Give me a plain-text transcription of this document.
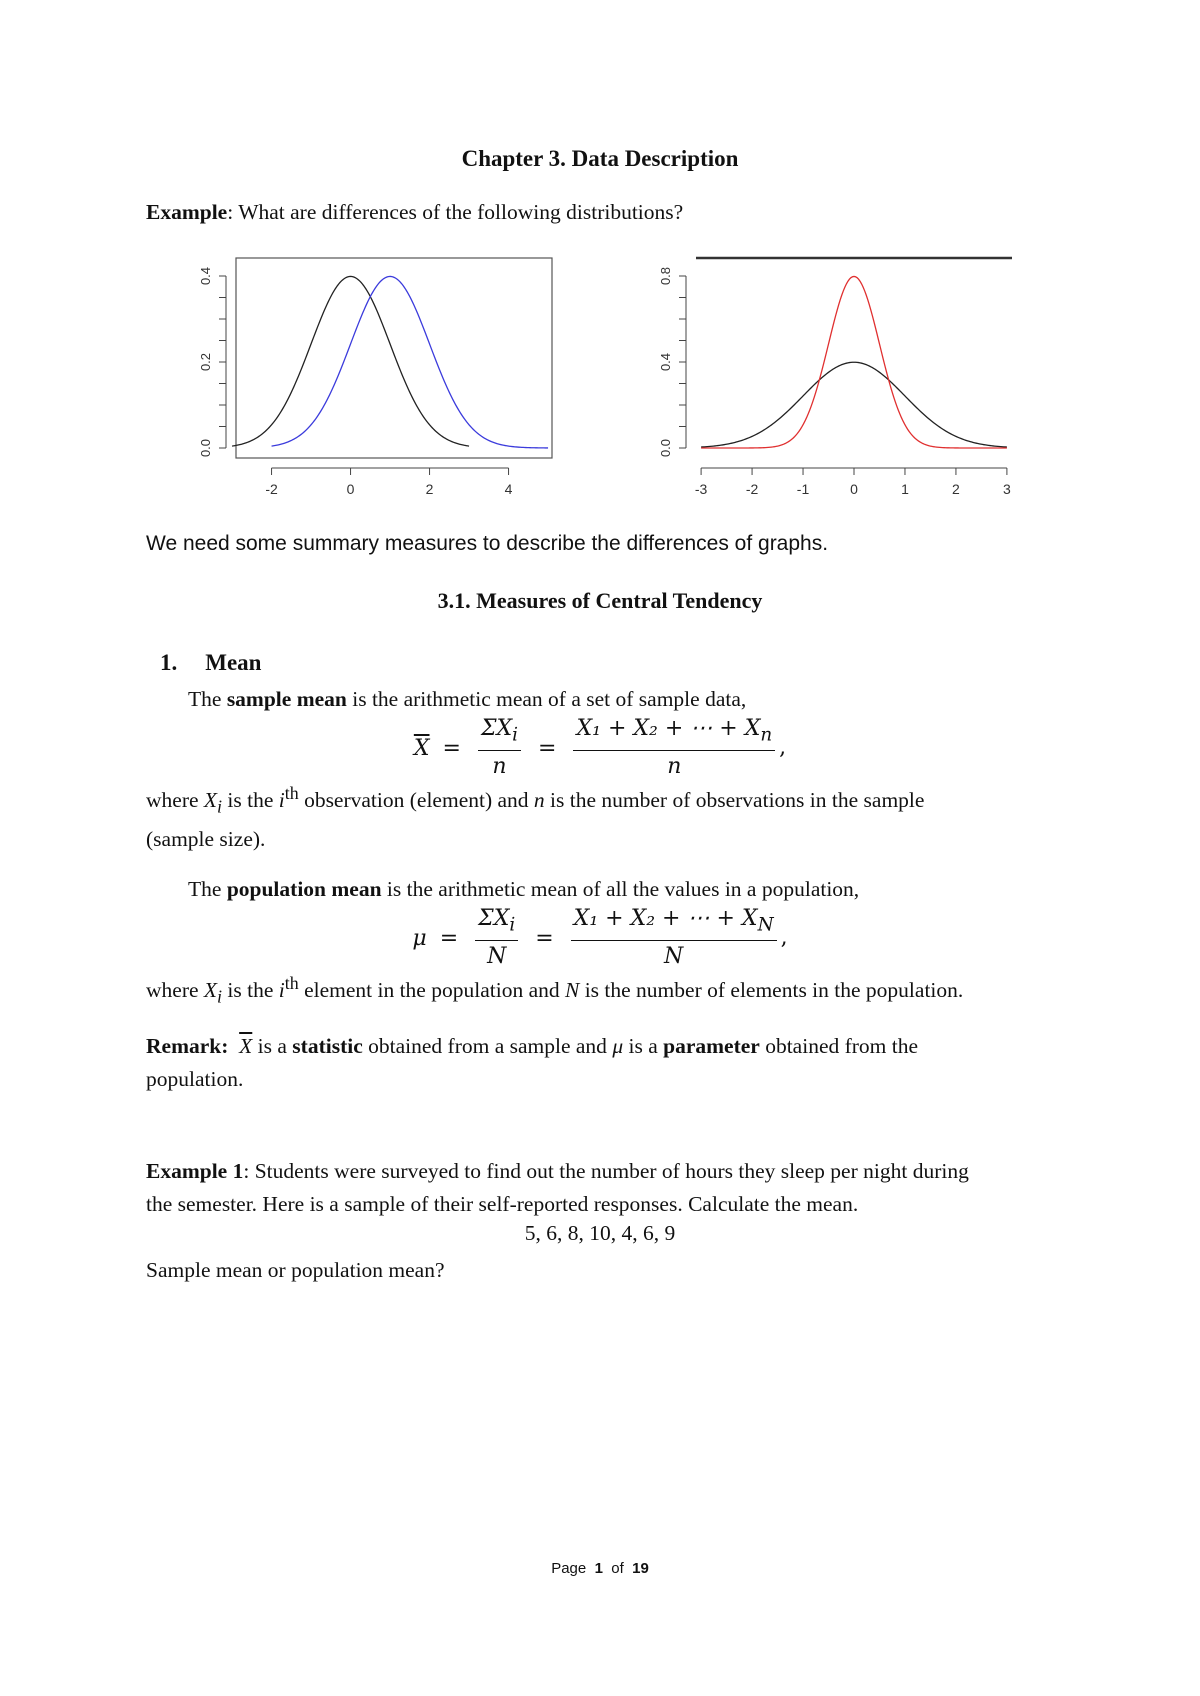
Chapter 3. Data Description
Example: What are differences of the following distributions?
0.0
0.2
0.4
-2	0	2	4
0.0
0.4
0.8
-3	-2	-1	0	1	2	3
We need some summary measures to describe the differences of graphs.
3.1. Measures of Central Tendency
1. Mean
The sample mean is the arithmetic mean of a set of sample data,
$\overline{X} = \frac{\Sigma X_i}{n} = \frac{X_1 + X_2 + \cdots + X_n}{n}$ ,
where $X_i$ is the $i^{th}$ observation (element) and n is the number of observations in the sample
(sample size).
The population mean is the arithmetic mean of all the values in a population,
$\mu = \frac{\Sigma X_i}{N} = \frac{X_1 + X_2 + \cdots + X_N}{N}$ ,
where $X_i$ is the $i^{th}$ element in the population and N is the number of elements in the population.
Remark: $\overline{X}$ is a statistic obtained from a sample and μ is a parameter obtained from the
population.
Example 1: Students were surveyed to find out the number of hours they sleep per night during
the semester. Here is a sample of their self-reported responses. Calculate the mean.
5, 6, 8, 10, 4, 6, 9
Sample mean or population mean?
Page 1 of 19
